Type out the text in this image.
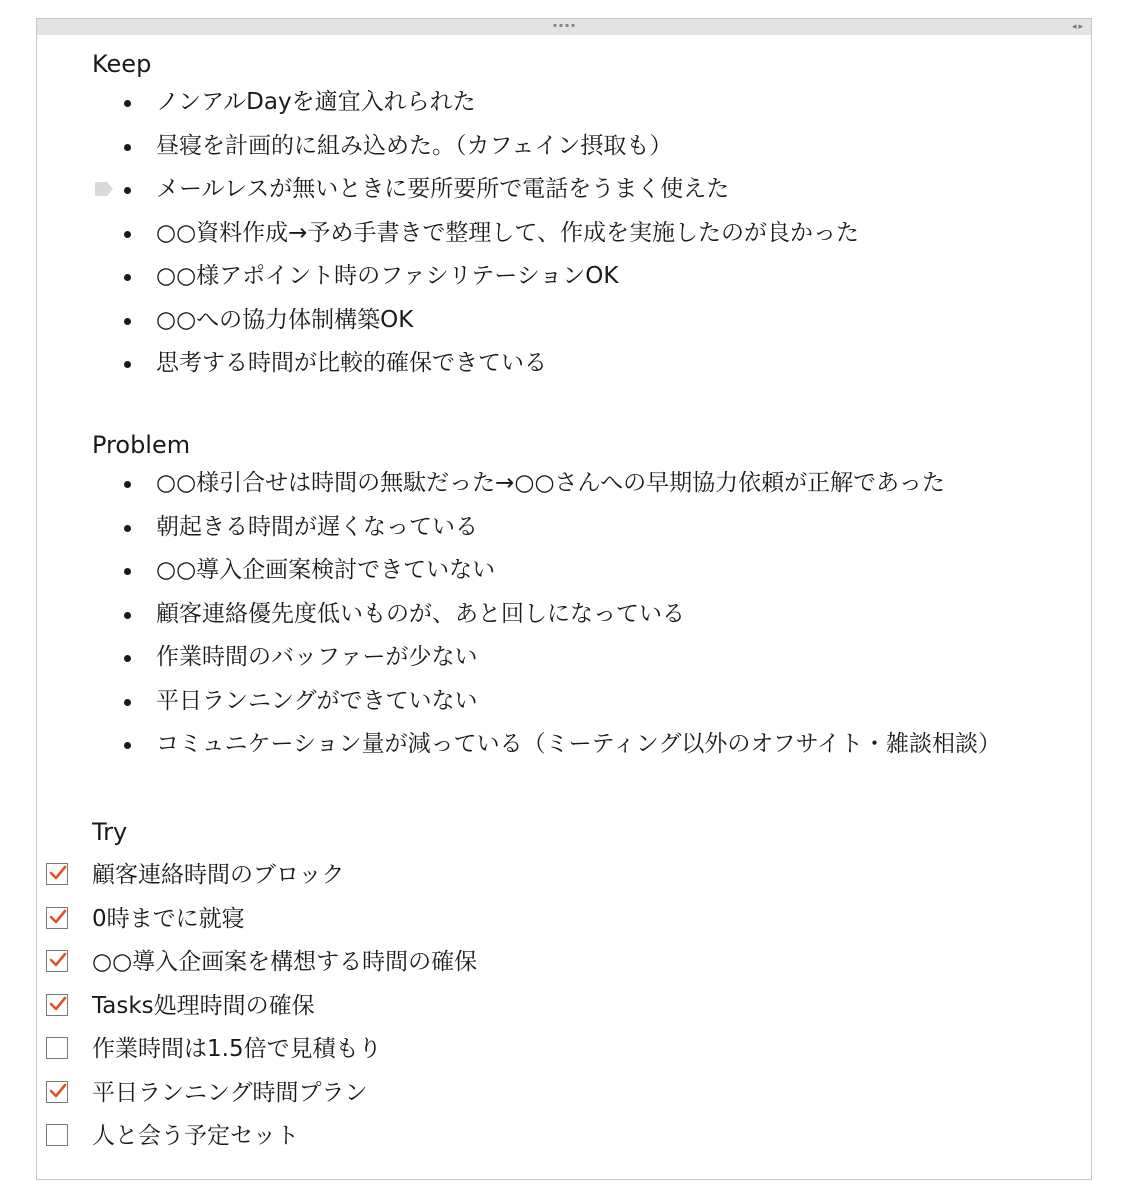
◂▸
Keep
ノンアルDayを適宜入れられた
昼寝を計画的に組み込めた。（カフェイン摂取も）
メールレスが無いときに要所要所で電話をうまく使えた
○○資料作成→予め手書きで整理して、作成を実施したのが良かった
○○様アポイント時のファシリテーションOK
○○への協力体制構築OK
思考する時間が比較的確保できている
Problem
○○様引合せは時間の無駄だった→○○さんへの早期協力依頼が正解であった
朝起きる時間が遅くなっている
○○導入企画案検討できていない
顧客連絡優先度低いものが、あと回しになっている
作業時間のバッファーが少ない
平日ランニングができていない
コミュニケーション量が減っている（ミーティング以外のオフサイト・雑談相談）
Try
顧客連絡時間のブロック
0時までに就寝
○○導入企画案を構想する時間の確保
Tasks処理時間の確保
作業時間は1.5倍で見積もり
平日ランニング時間プラン
人と会う予定セット
